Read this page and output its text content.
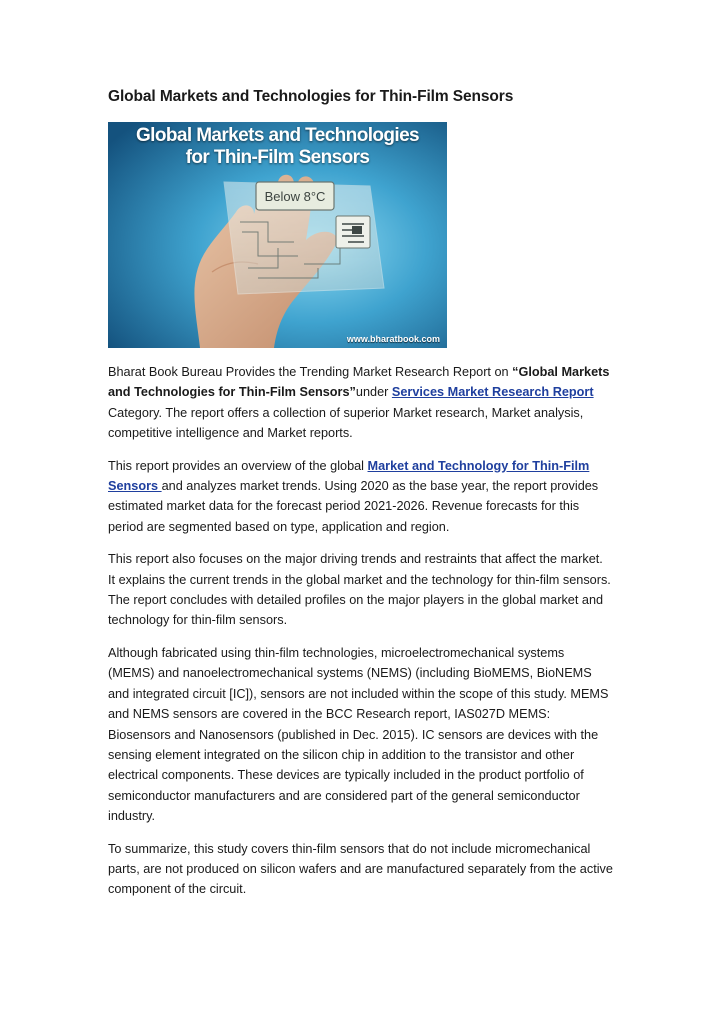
Global Markets and Technologies for Thin-Film Sensors
Below 8°C
Global Markets and Technologies
for Thin-Film Sensors
www.bharatbook.com

Bharat Book Bureau Provides the Trending Market Research Report on “Global Markets and Technologies for Thin-Film Sensors”under Services Market Research Report Category. The report offers a collection of superior Market research, Market analysis, competitive intelligence and Market reports.

This report provides an overview of the global Market and Technology for Thin-Film Sensors and analyzes market trends. Using 2020 as the base year, the report provides estimated market data for the forecast period 2021-2026. Revenue forecasts for this period are segmented based on type, application and region.

This report also focuses on the major driving trends and restraints that affect the market. It explains the current trends in the global market and the technology for thin-film sensors. The report concludes with detailed profiles on the major players in the global market and technology for thin-film sensors.

Although fabricated using thin-film technologies, microelectromechanical systems (MEMS) and nanoelectromechanical systems (NEMS) (including BioMEMS, BioNEMS and integrated circuit [IC]), sensors are not included within the scope of this study. MEMS and NEMS sensors are covered in the BCC Research report, IAS027D MEMS: Biosensors and Nanosensors (published in Dec. 2015). IC sensors are devices with the sensing element integrated on the silicon chip in addition to the transistor and other electrical components. These devices are typically included in the product portfolio of semiconductor manufacturers and are considered part of the general semiconductor industry.

To summarize, this study covers thin-film sensors that do not include micromechanical parts, are not produced on silicon wafers and are manufactured separately from the active component of the circuit.
